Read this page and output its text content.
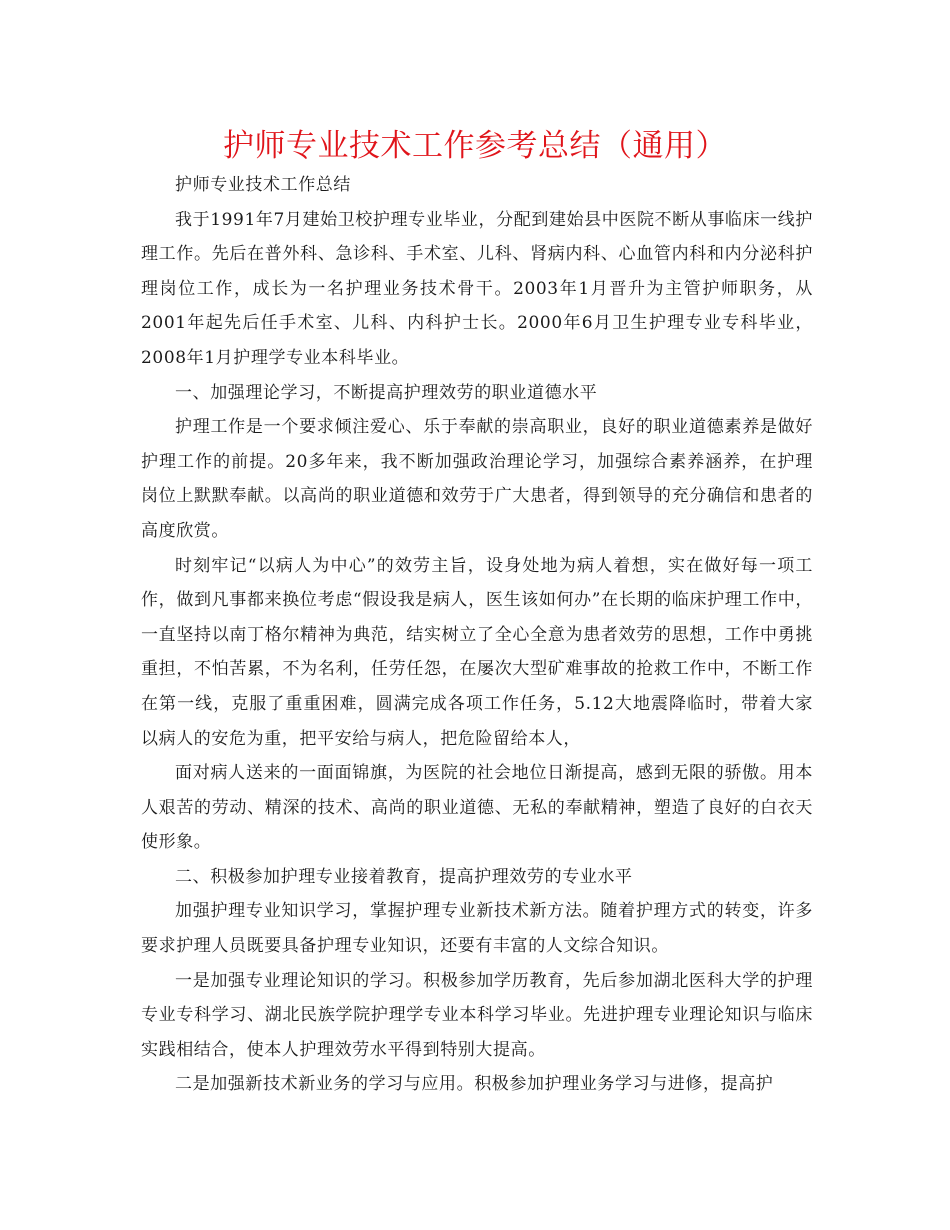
护师专业技术工作参考总结（通用）

护师专业技术工作总结

我于1991年7月建始卫校护理专业毕业，分配到建始县中医院不断从事临床一线护理工作。先后在普外科、急诊科、手术室、儿科、肾病内科、心血管内科和内分泌科护理岗位工作，成长为一名护理业务技术骨干。2003年1月晋升为主管护师职务，从2001年起先后任手术室、儿科、内科护士长。2000年6月卫生护理专业专科毕业，2008年1月护理学专业本科毕业。

一、加强理论学习，不断提高护理效劳的职业道德水平

护理工作是一个要求倾注爱心、乐于奉献的崇高职业，良好的职业道德素养是做好护理工作的前提。20多年来，我不断加强政治理论学习，加强综合素养涵养，在护理岗位上默默奉献。以高尚的职业道德和效劳于广大患者，得到领导的充分确信和患者的高度欣赏。

时刻牢记“以病人为中心”的效劳主旨，设身处地为病人着想，实在做好每一项工作，做到凡事都来换位考虑“假设我是病人，医生该如何办”在长期的临床护理工作中，一直坚持以南丁格尔精神为典范，结实树立了全心全意为患者效劳的思想，工作中勇挑重担，不怕苦累，不为名利，任劳任怨，在屡次大型矿难事故的抢救工作中，不断工作在第一线，克服了重重困难，圆满完成各项工作任务，5.12大地震降临时，带着大家以病人的安危为重，把平安给与病人，把危险留给本人，

面对病人送来的一面面锦旗，为医院的社会地位日渐提高，感到无限的骄傲。用本人艰苦的劳动、精深的技术、高尚的职业道德、无私的奉献精神，塑造了良好的白衣天使形象。

二、积极参加护理专业接着教育，提高护理效劳的专业水平

加强护理专业知识学习，掌握护理专业新技术新方法。随着护理方式的转变，许多要求护理人员既要具备护理专业知识，还要有丰富的人文综合知识。

一是加强专业理论知识的学习。积极参加学历教育，先后参加湖北医科大学的护理专业专科学习、湖北民族学院护理学专业本科学习毕业。先进护理专业理论知识与临床实践相结合，使本人护理效劳水平得到特别大提高。

二是加强新技术新业务的学习与应用。积极参加护理业务学习与进修，提高护
